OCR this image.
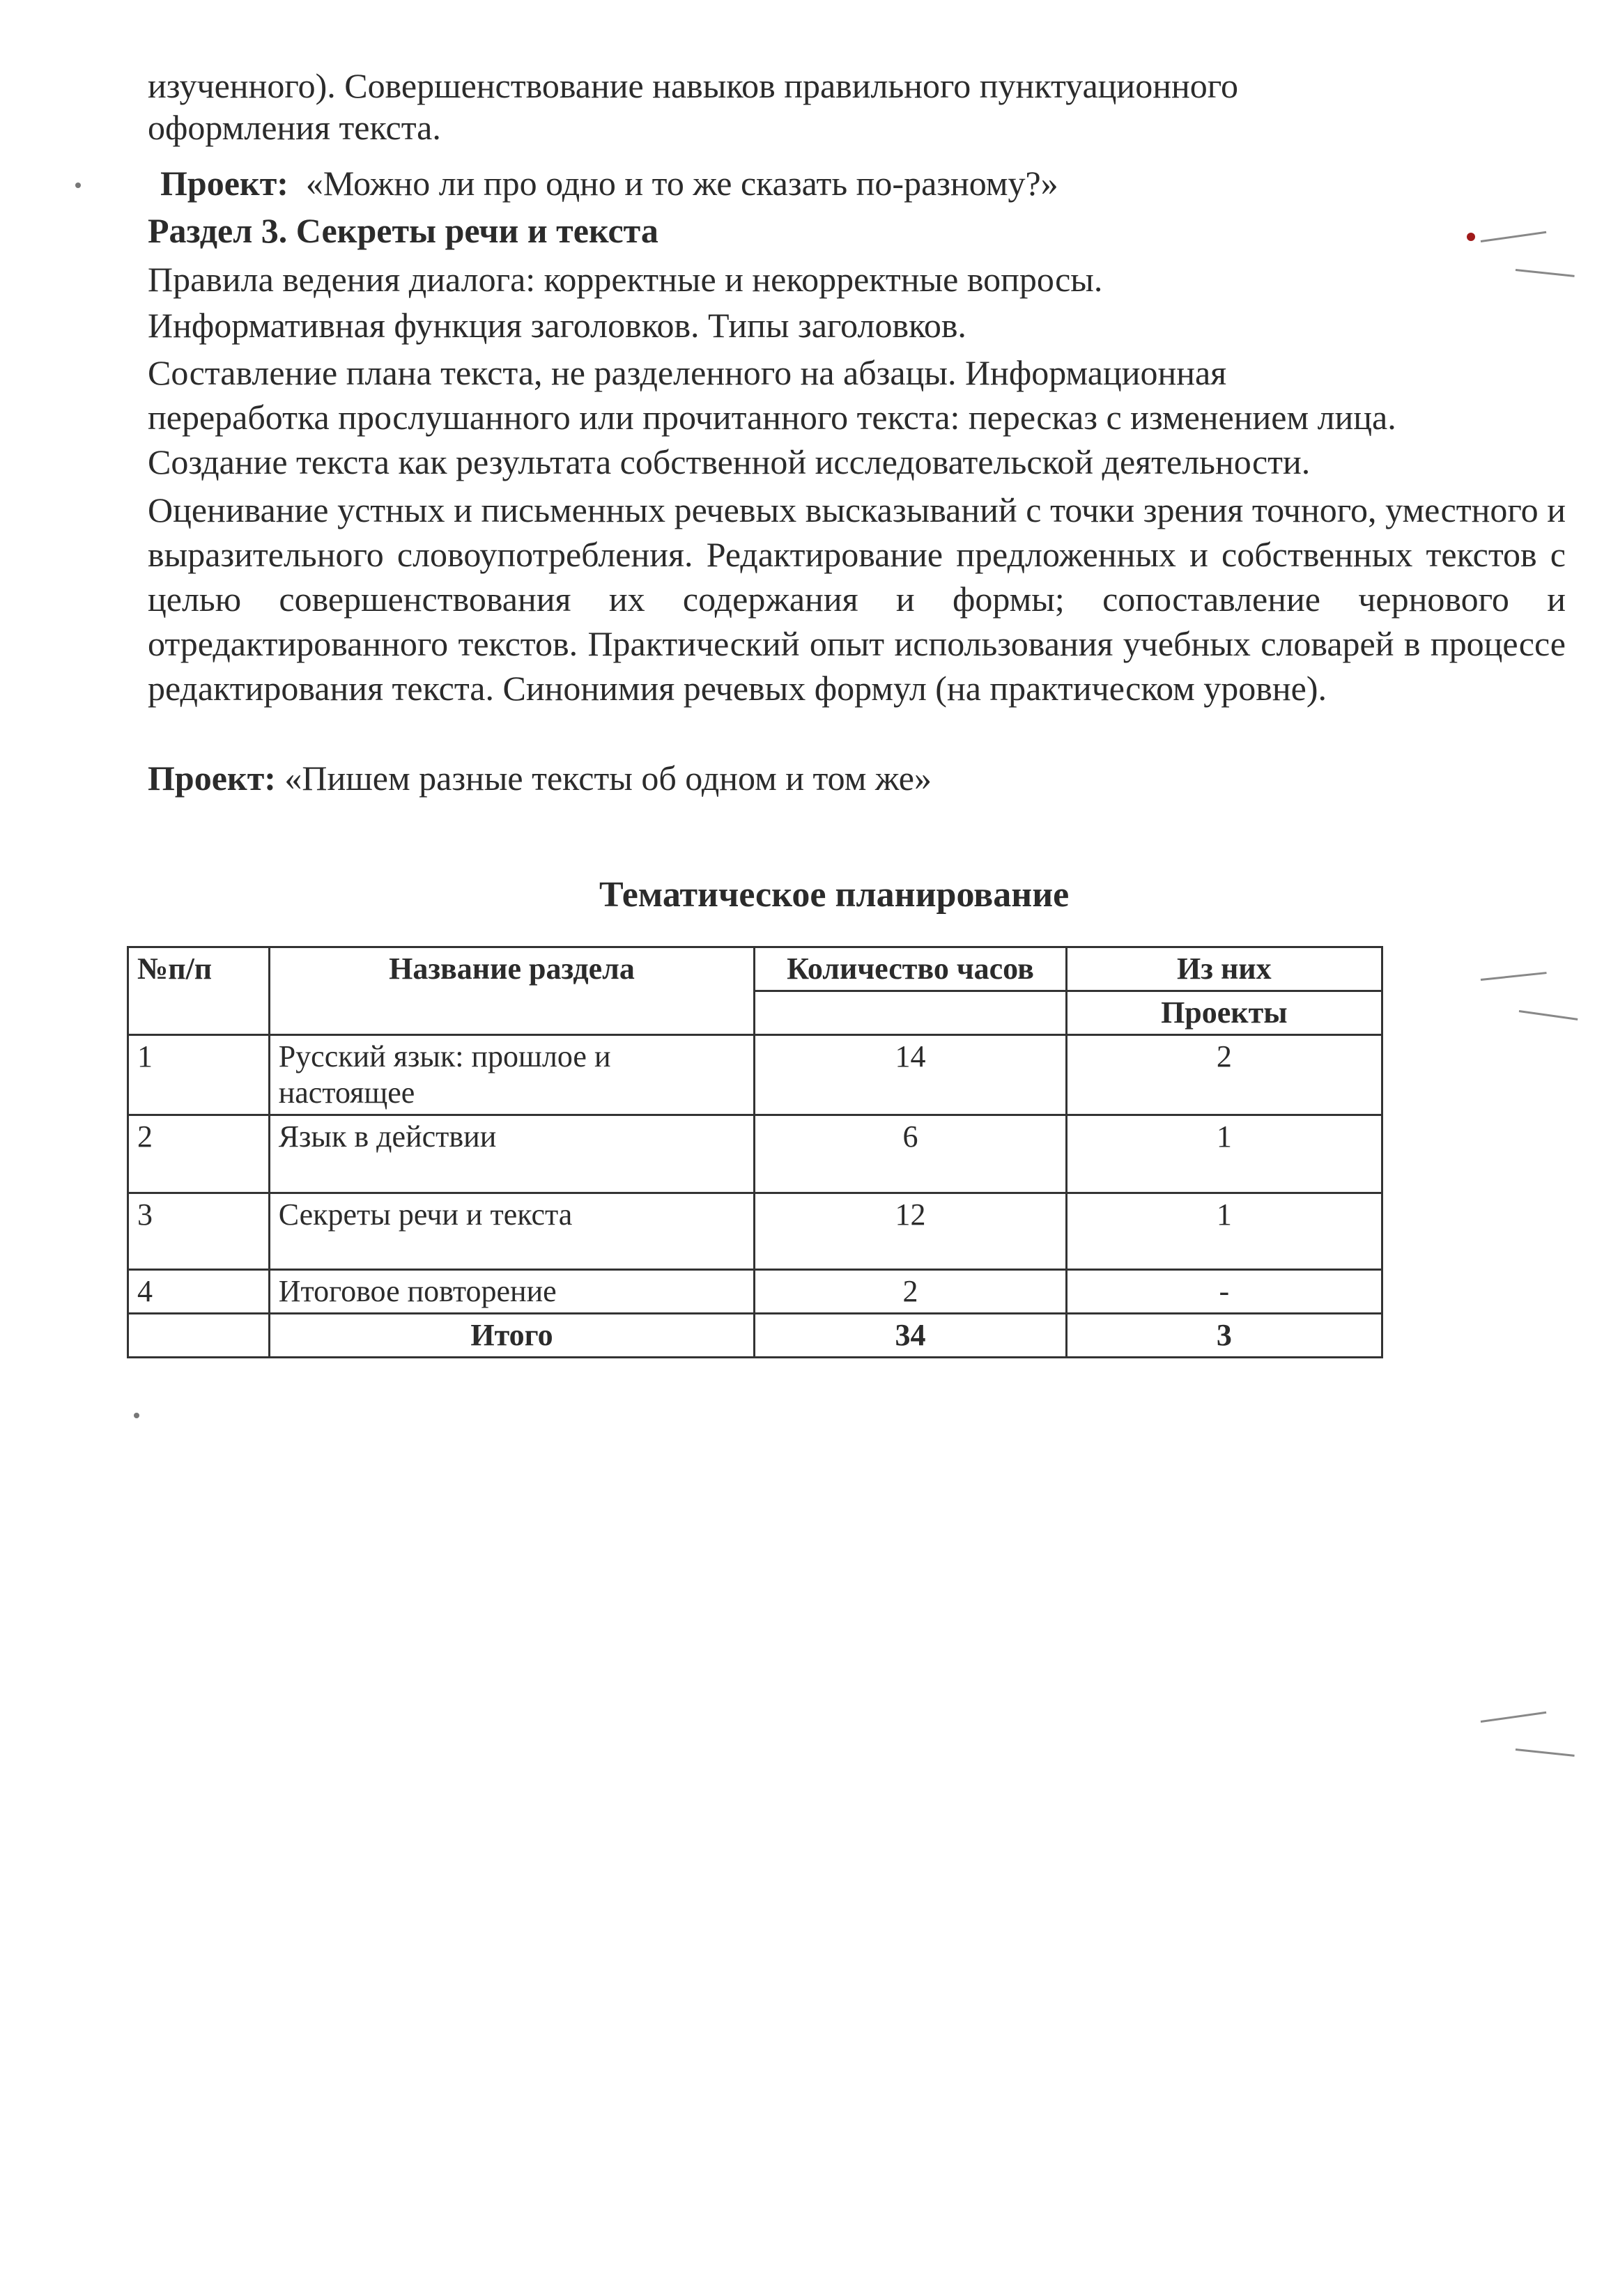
изученного). Совершенствование навыков правильного пунктуационного
оформления текста.
Проект: «Можно ли про одно и то же сказать по-разному?»
Раздел 3. Секреты речи и текста
Правила ведения диалога: корректные и некорректные вопросы.
Информативная функция заголовков. Типы заголовков.
Составление плана текста, не разделенного на абзацы. Информационная
переработка прослушанного или прочитанного текста: пересказ с изменением лица.
Создание текста как результата собственной исследовательской деятельности.
Оценивание устных и письменных речевых высказываний с точки зрения точного, уместного и выразительного словоупотребления. Редактирование предложенных и собственных текстов с целью совершенствования их содержания и формы; сопоставление чернового и отредактированного текстов. Практический опыт использования учебных словарей в процессе редактирования текста. Синонимия речевых формул (на практическом уровне).
Проект: «Пишем разные тексты об одном и том же»
Тематическое планирование
№п/п	Название раздела	Количество часов	Из них
			Проекты
1	Русский язык: прошлое и настоящее	14	2
2	Язык в действии	6	1
3	Секреты речи и текста	12	1
4	Итоговое повторение	2	-
	Итого	34	3
